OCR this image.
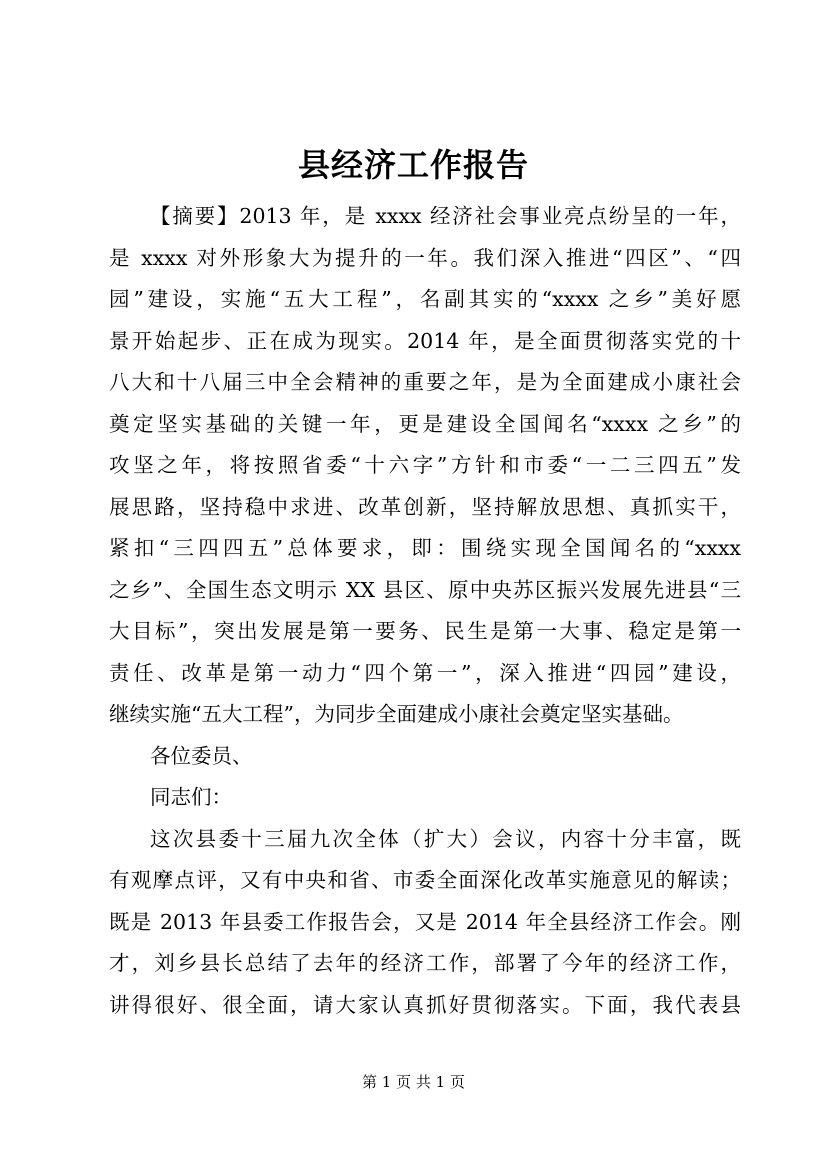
县经济工作报告
【摘要】2013 年，是 xxxx 经济社会事业亮点纷呈的一年，
是 xxxx 对外形象大为提升的一年。我们深入推进“四区”、“四
园”建设，实施“五大工程”，名副其实的“xxxx 之乡”美好愿
景开始起步、正在成为现实。2014 年，是全面贯彻落实党的十
八大和十八届三中全会精神的重要之年，是为全面建成小康社会
奠定坚实基础的关键一年，更是建设全国闻名“xxxx 之乡”的
攻坚之年，将按照省委“十六字”方针和市委“一二三四五”发
展思路，坚持稳中求进、改革创新，坚持解放思想、真抓实干，
紧扣“三四四五”总体要求，即：围绕实现全国闻名的“xxxx
之乡”、全国生态文明示 XX 县区、原中央苏区振兴发展先进县“三
大目标”，突出发展是第一要务、民生是第一大事、稳定是第一
责任、改革是第一动力“四个第一”，深入推进“四园”建设，
继续实施“五大工程”，为同步全面建成小康社会奠定坚实基础。
各位委员、
同志们：
这次县委十三届九次全体（扩大）会议，内容十分丰富，既
有观摩点评，又有中央和省、市委全面深化改革实施意见的解读；
既是 2013 年县委工作报告会，又是 2014 年全县经济工作会。刚
才，刘乡县长总结了去年的经济工作，部署了今年的经济工作，
讲得很好、很全面，请大家认真抓好贯彻落实。下面，我代表县
第 1 页 共 1 页
